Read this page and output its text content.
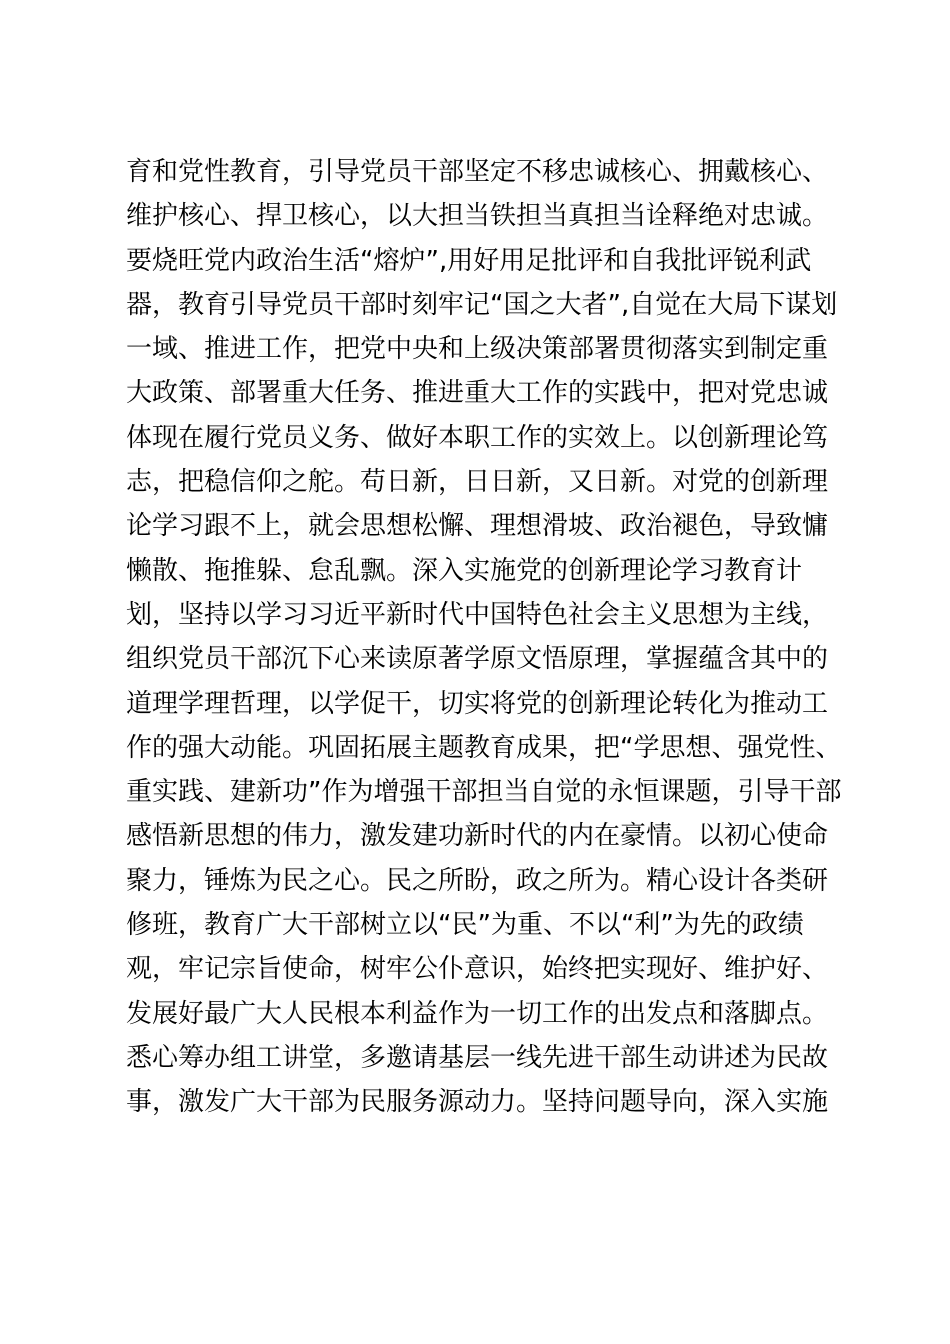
育和党性教育，引导党员干部坚定不移忠诚核心、拥戴核心、
维护核心、捍卫核心，以大担当铁担当真担当诠释绝对忠诚。
要烧旺党内政治生活“熔炉”,用好用足批评和自我批评锐利武
器，教育引导党员干部时刻牢记“国之大者”,自觉在大局下谋划
一域、推进工作，把党中央和上级决策部署贯彻落实到制定重
大政策、部署重大任务、推进重大工作的实践中，把对党忠诚
体现在履行党员义务、做好本职工作的实效上。以创新理论笃
志，把稳信仰之舵。苟日新，日日新，又日新。对党的创新理
论学习跟不上，就会思想松懈、理想滑坡、政治褪色，导致慵
懒散、拖推躲、怠乱飘。深入实施党的创新理论学习教育计
划，坚持以学习习近平新时代中国特色社会主义思想为主线，
组织党员干部沉下心来读原著学原文悟原理，掌握蕴含其中的
道理学理哲理，以学促干，切实将党的创新理论转化为推动工
作的强大动能。巩固拓展主题教育成果，把“学思想、强党性、
重实践、建新功”作为增强干部担当自觉的永恒课题，引导干部
感悟新思想的伟力，激发建功新时代的内在豪情。以初心使命
聚力，锤炼为民之心。民之所盼，政之所为。精心设计各类研
修班，教育广大干部树立以“民”为重、不以“利”为先的政绩
观，牢记宗旨使命，树牢公仆意识，始终把实现好、维护好、
发展好最广大人民根本利益作为一切工作的出发点和落脚点。
悉心筹办组工讲堂，多邀请基层一线先进干部生动讲述为民故
事，激发广大干部为民服务源动力。坚持问题导向，深入实施
